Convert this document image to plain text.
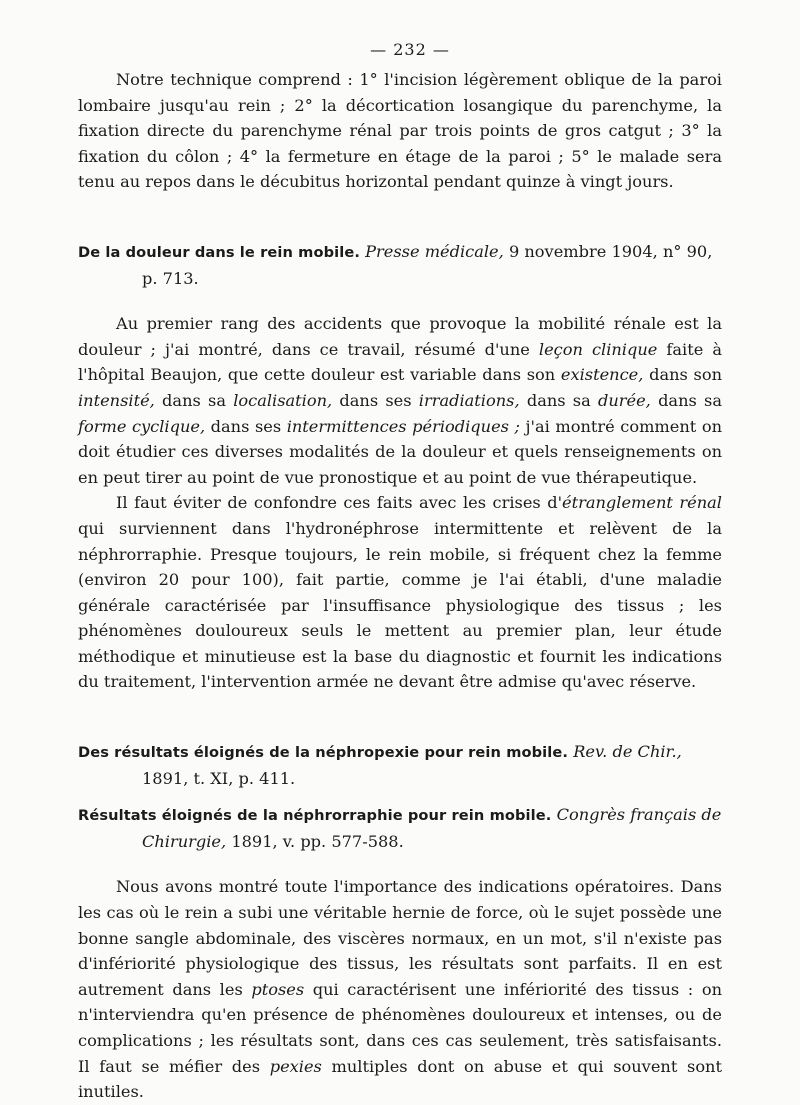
— 232 —

Notre technique comprend : 1° l'incision légèrement oblique de la paroi lombaire jusqu'au rein ; 2° la décortication losangique du parenchyme, la fixation directe du parenchyme rénal par trois points de gros catgut ; 3° la fixation du côlon ; 4° la fermeture en étage de la paroi ; 5° le malade sera tenu au repos dans le décubitus horizontal pendant quinze à vingt jours.

De la douleur dans le rein mobile. Presse médicale, 9 novembre 1904, n° 90, p. 713.

Au premier rang des accidents que provoque la mobilité rénale est la douleur ; j'ai montré, dans ce travail, résumé d'une leçon clinique faite à l'hôpital Beaujon, que cette douleur est variable dans son existence, dans son intensité, dans sa localisation, dans ses irradiations, dans sa durée, dans sa forme cyclique, dans ses intermittences périodiques ; j'ai montré comment on doit étudier ces diverses modalités de la douleur et quels renseignements on en peut tirer au point de vue pronostique et au point de vue thérapeutique.

Il faut éviter de confondre ces faits avec les crises d'étranglement rénal qui surviennent dans l'hydronéphrose intermittente et relèvent de la néphrorraphie. Presque toujours, le rein mobile, si fréquent chez la femme (environ 20 pour 100), fait partie, comme je l'ai établi, d'une maladie générale caractérisée par l'insuffisance physiologique des tissus ; les phénomènes douloureux seuls le mettent au premier plan, leur étude méthodique et minutieuse est la base du diagnostic et fournit les indications du traitement, l'intervention armée ne devant être admise qu'avec réserve.

Des résultats éloignés de la néphropexie pour rein mobile. Rev. de Chir., 1891, t. XI, p. 411.
Résultats éloignés de la néphrorraphie pour rein mobile. Congrès français de Chirurgie, 1891, v. pp. 577-588.

Nous avons montré toute l'importance des indications opératoires. Dans les cas où le rein a subi une véritable hernie de force, où le sujet possède une bonne sangle abdominale, des viscères normaux, en un mot, s'il n'existe pas d'infériorité physiologique des tissus, les résultats sont parfaits. Il en est autrement dans les ptoses qui caractérisent une infériorité des tissus : on n'interviendra qu'en présence de phénomènes douloureux et intenses, ou de complications ; les résultats sont, dans ces cas seulement, très satisfaisants. Il faut se méfier des pexies multiples dont on abuse et qui souvent sont inutiles.
